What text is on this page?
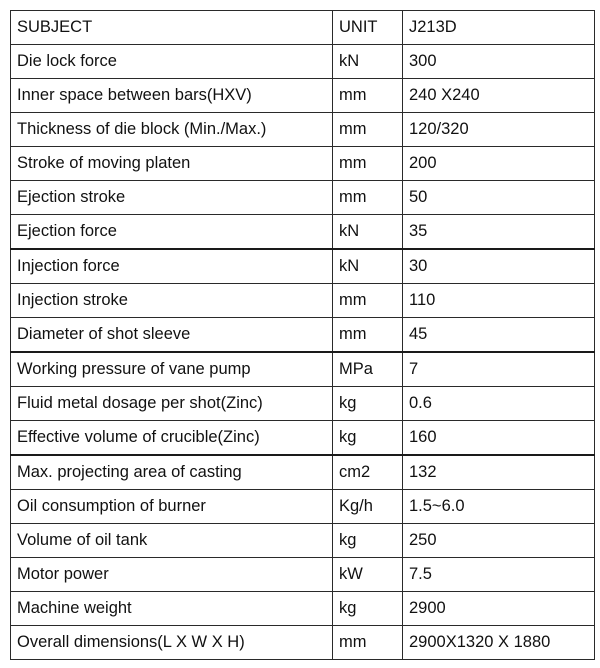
SUBJECT	UNIT	J213D
Die lock force	kN	300
Inner space between bars(HXV)	mm	240 X240
Thickness of die block (Min./Max.)	mm	120/320
Stroke of moving platen	mm	200
Ejection stroke	mm	50
Ejection force	kN	35
Injection force	kN	30
Injection stroke	mm	110
Diameter of shot sleeve	mm	45
Working pressure of vane pump	MPa	7
Fluid metal dosage per shot(Zinc)	kg	0.6
Effective volume of crucible(Zinc)	kg	160
Max. projecting area of casting	cm2	132
Oil consumption of burner	Kg/h	1.5~6.0
Volume of oil tank	kg	250
Motor power	kW	7.5
Machine weight	kg	2900
Overall dimensions(L X W X H)	mm	2900X1320 X 1880
